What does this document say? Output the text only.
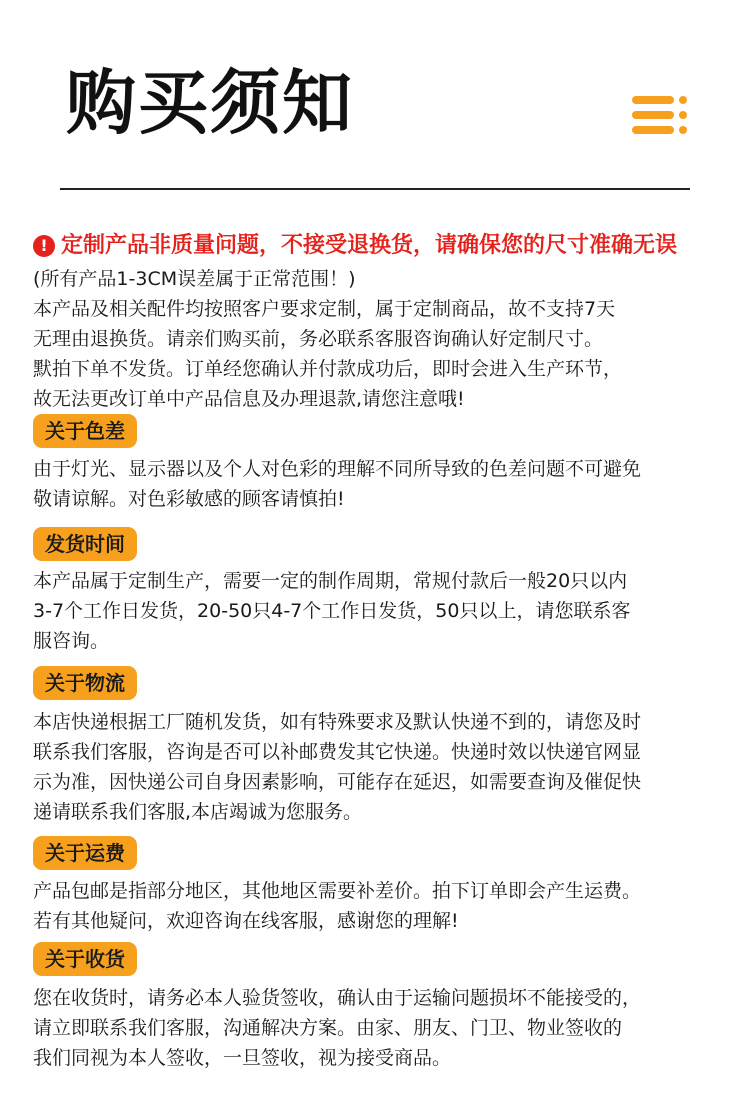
购买须知
! 定制产品非质量问题，不接受退换货，请确保您的尺寸准确无误
(所有产品1-3CM误差属于正常范围！)
本产品及相关配件均按照客户要求定制，属于定制商品，故不支持7天
无理由退换货。请亲们购买前，务必联系客服咨询确认好定制尺寸。
默拍下单不发货。订单经您确认并付款成功后，即时会进入生产环节，
故无法更改订单中产品信息及办理退款,请您注意哦!
关于色差
由于灯光、显示器以及个人对色彩的理解不同所导致的色差问题不可避免
敬请谅解。对色彩敏感的顾客请慎拍!
发货时间
本产品属于定制生产，需要一定的制作周期，常规付款后一般20只以内
3-7个工作日发货，20-50只4-7个工作日发货，50只以上，请您联系客
服咨询。
关于物流
本店快递根据工厂随机发货，如有特殊要求及默认快递不到的，请您及时
联系我们客服，咨询是否可以补邮费发其它快递。快递时效以快递官网显
示为准，因快递公司自身因素影响，可能存在延迟，如需要查询及催促快
递请联系我们客服,本店竭诚为您服务。
关于运费
产品包邮是指部分地区，其他地区需要补差价。拍下订单即会产生运费。
若有其他疑问，欢迎咨询在线客服，感谢您的理解!
关于收货
您在收货时，请务必本人验货签收，确认由于运输问题损坏不能接受的，
请立即联系我们客服，沟通解决方案。由家、朋友、门卫、物业签收的
我们同视为本人签收，一旦签收，视为接受商品。
